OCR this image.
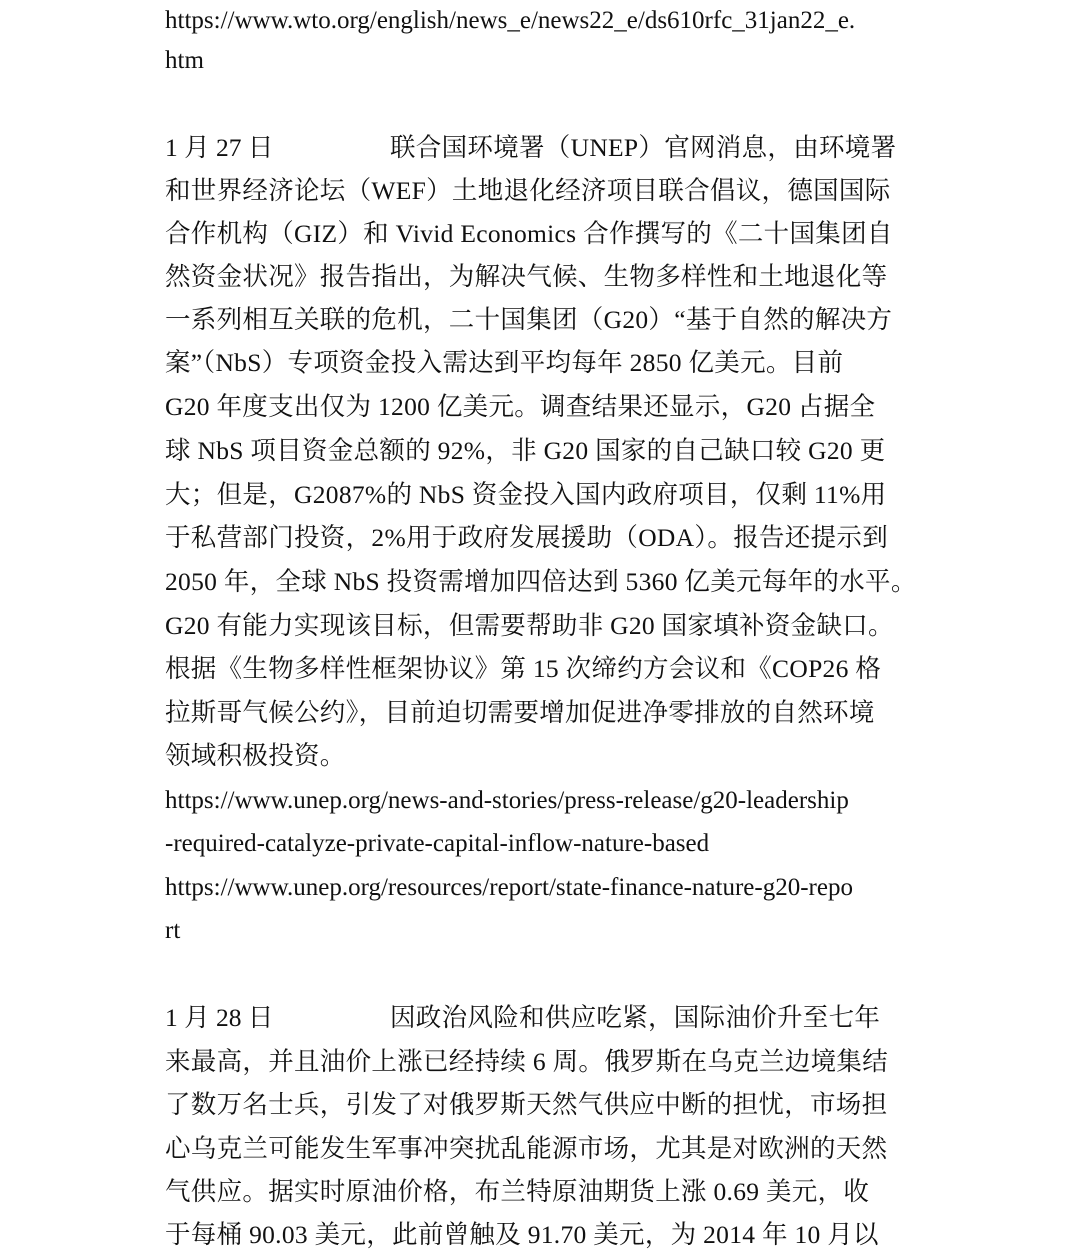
https://www.wto.org/english/news_e/news22_e/ds610rfc_31jan22_e.
htm
1 月 27 日	联合国环境署（UNEP）官网消息，由环境署
和世界经济论坛（WEF）土地退化经济项目联合倡议，德国国际
合作机构（GIZ）和 Vivid Economics 合作撰写的《二十国集团自
然资金状况》报告指出，为解决气候、生物多样性和土地退化等
一系列相互关联的危机，二十国集团（G20）“基于自然的解决方
案”（NbS）专项资金投入需达到平均每年 2850 亿美元。目前
G20 年度支出仅为 1200 亿美元。调查结果还显示，G20 占据全
球 NbS 项目资金总额的 92%，非 G20 国家的自己缺口较 G20 更
大；但是，G2087%的 NbS 资金投入国内政府项目，仅剩 11%用
于私营部门投资，2%用于政府发展援助（ODA）。报告还提示到
2050 年，全球 NbS 投资需增加四倍达到 5360 亿美元每年的水平。
G20 有能力实现该目标，但需要帮助非 G20 国家填补资金缺口。
根据《生物多样性框架协议》第 15 次缔约方会议和《COP26 格
拉斯哥气候公约》，目前迫切需要增加促进净零排放的自然环境
领域积极投资。
https://www.unep.org/news-and-stories/press-release/g20-leadership
-required-catalyze-private-capital-inflow-nature-based
https://www.unep.org/resources/report/state-finance-nature-g20-repo
rt
1 月 28 日	因政治风险和供应吃紧，国际油价升至七年
来最高，并且油价上涨已经持续 6 周。俄罗斯在乌克兰边境集结
了数万名士兵，引发了对俄罗斯天然气供应中断的担忧，市场担
心乌克兰可能发生军事冲突扰乱能源市场，尤其是对欧洲的天然
气供应。据实时原油价格，布兰特原油期货上涨 0.69 美元，收
于每桶 90.03 美元，此前曾触及 91.70 美元，为 2014 年 10 月以
